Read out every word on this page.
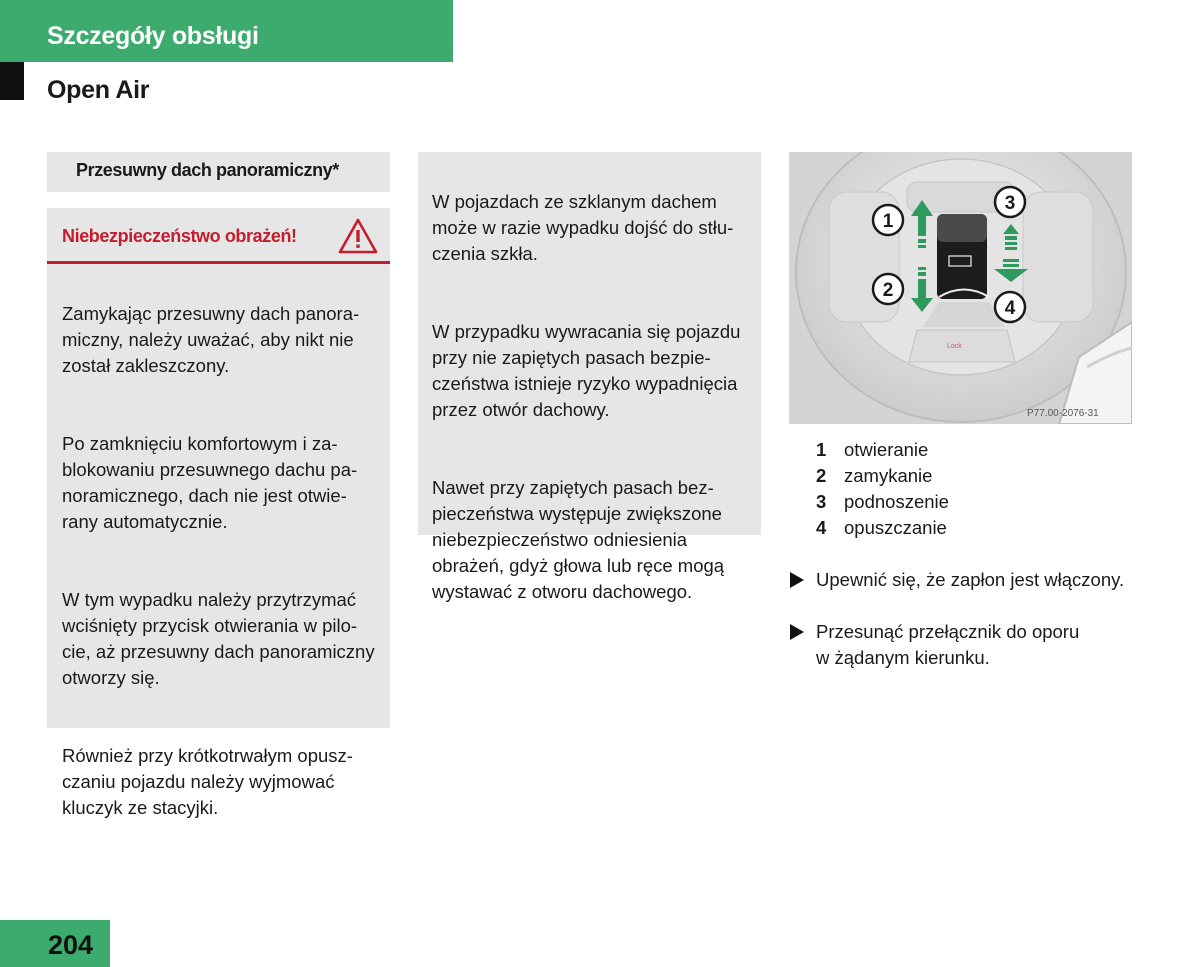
Szczegóły obsługi
Open Air
Przesuwny dach panoramiczny*
Niebezpieczeństwo obrażeń!

Zamykając przesuwny dach panora-
miczny, należy uważać, aby nikt nie
został zakleszczony.

Po zamknięciu komfortowym i za-
blokowaniu przesuwnego dachu pa-
noramicznego, dach nie jest otwie-
rany automatycznie.

W tym wypadku należy przytrzymać
wciśnięty przycisk otwierania w pilo-
cie, aż przesuwny dach panoramiczny
otworzy się.

Również przy krótkotrwałym opusz-
czaniu pojazdu należy wyjmować
kluczyk ze stacyjki.

W pojazdach ze szklanym dachem
może w razie wypadku dojść do stłu-
czenia szkła.

W przypadku wywracania się pojazdu
przy nie zapiętych pasach bezpie-
czeństwa istnieje ryzyko wypadnięcia
przez otwór dachowy.

Nawet przy zapiętych pasach bez-
pieczeństwa występuje zwiększone
niebezpieczeństwo odniesienia
obrażeń, gdyż głowa lub ręce mogą
wystawać z otworu dachowego.

Lock
1
2
3
4
P77.00-2076-31
1 otwieranie
2 zamykanie
3 podnoszenie
4 opuszczanie
Upewnić się, że zapłon jest włączony.
Przesunąć przełącznik do oporu
w żądanym kierunku.
204
